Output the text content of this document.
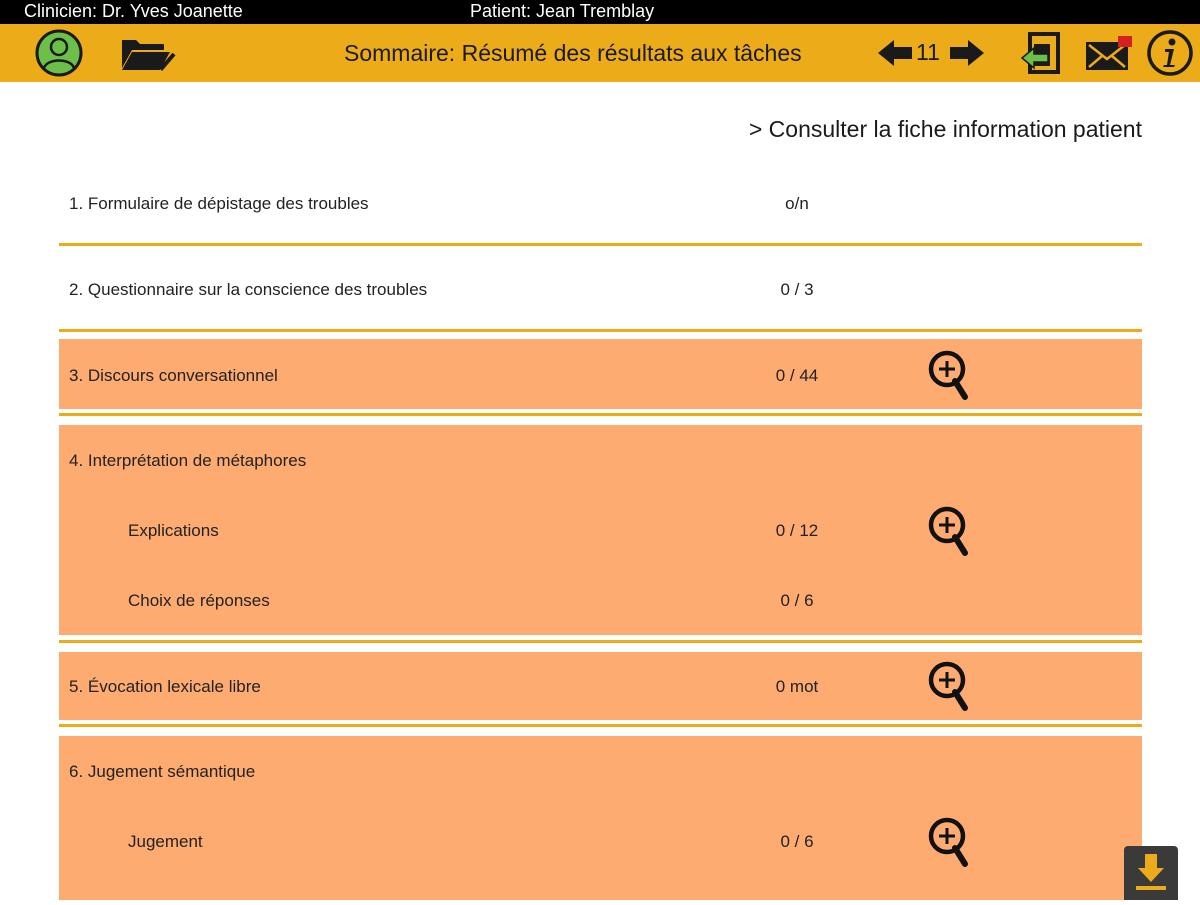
Clinicien: Dr. Yves Joanette	Patient: Jean Tremblay
Sommaire: Résumé des résultats aux tâches	11
> Consulter la fiche information patient
1. Formulaire de dépistage des troubles	o/n
2. Questionnaire sur la conscience des troubles	0 / 3
3. Discours conversationnel	0 / 44
4. Interprétation de métaphores
Explications	0 / 12
Choix de réponses	0 / 6
5. Évocation lexicale libre	0 mot
6. Jugement sémantique
Jugement	0 / 6
